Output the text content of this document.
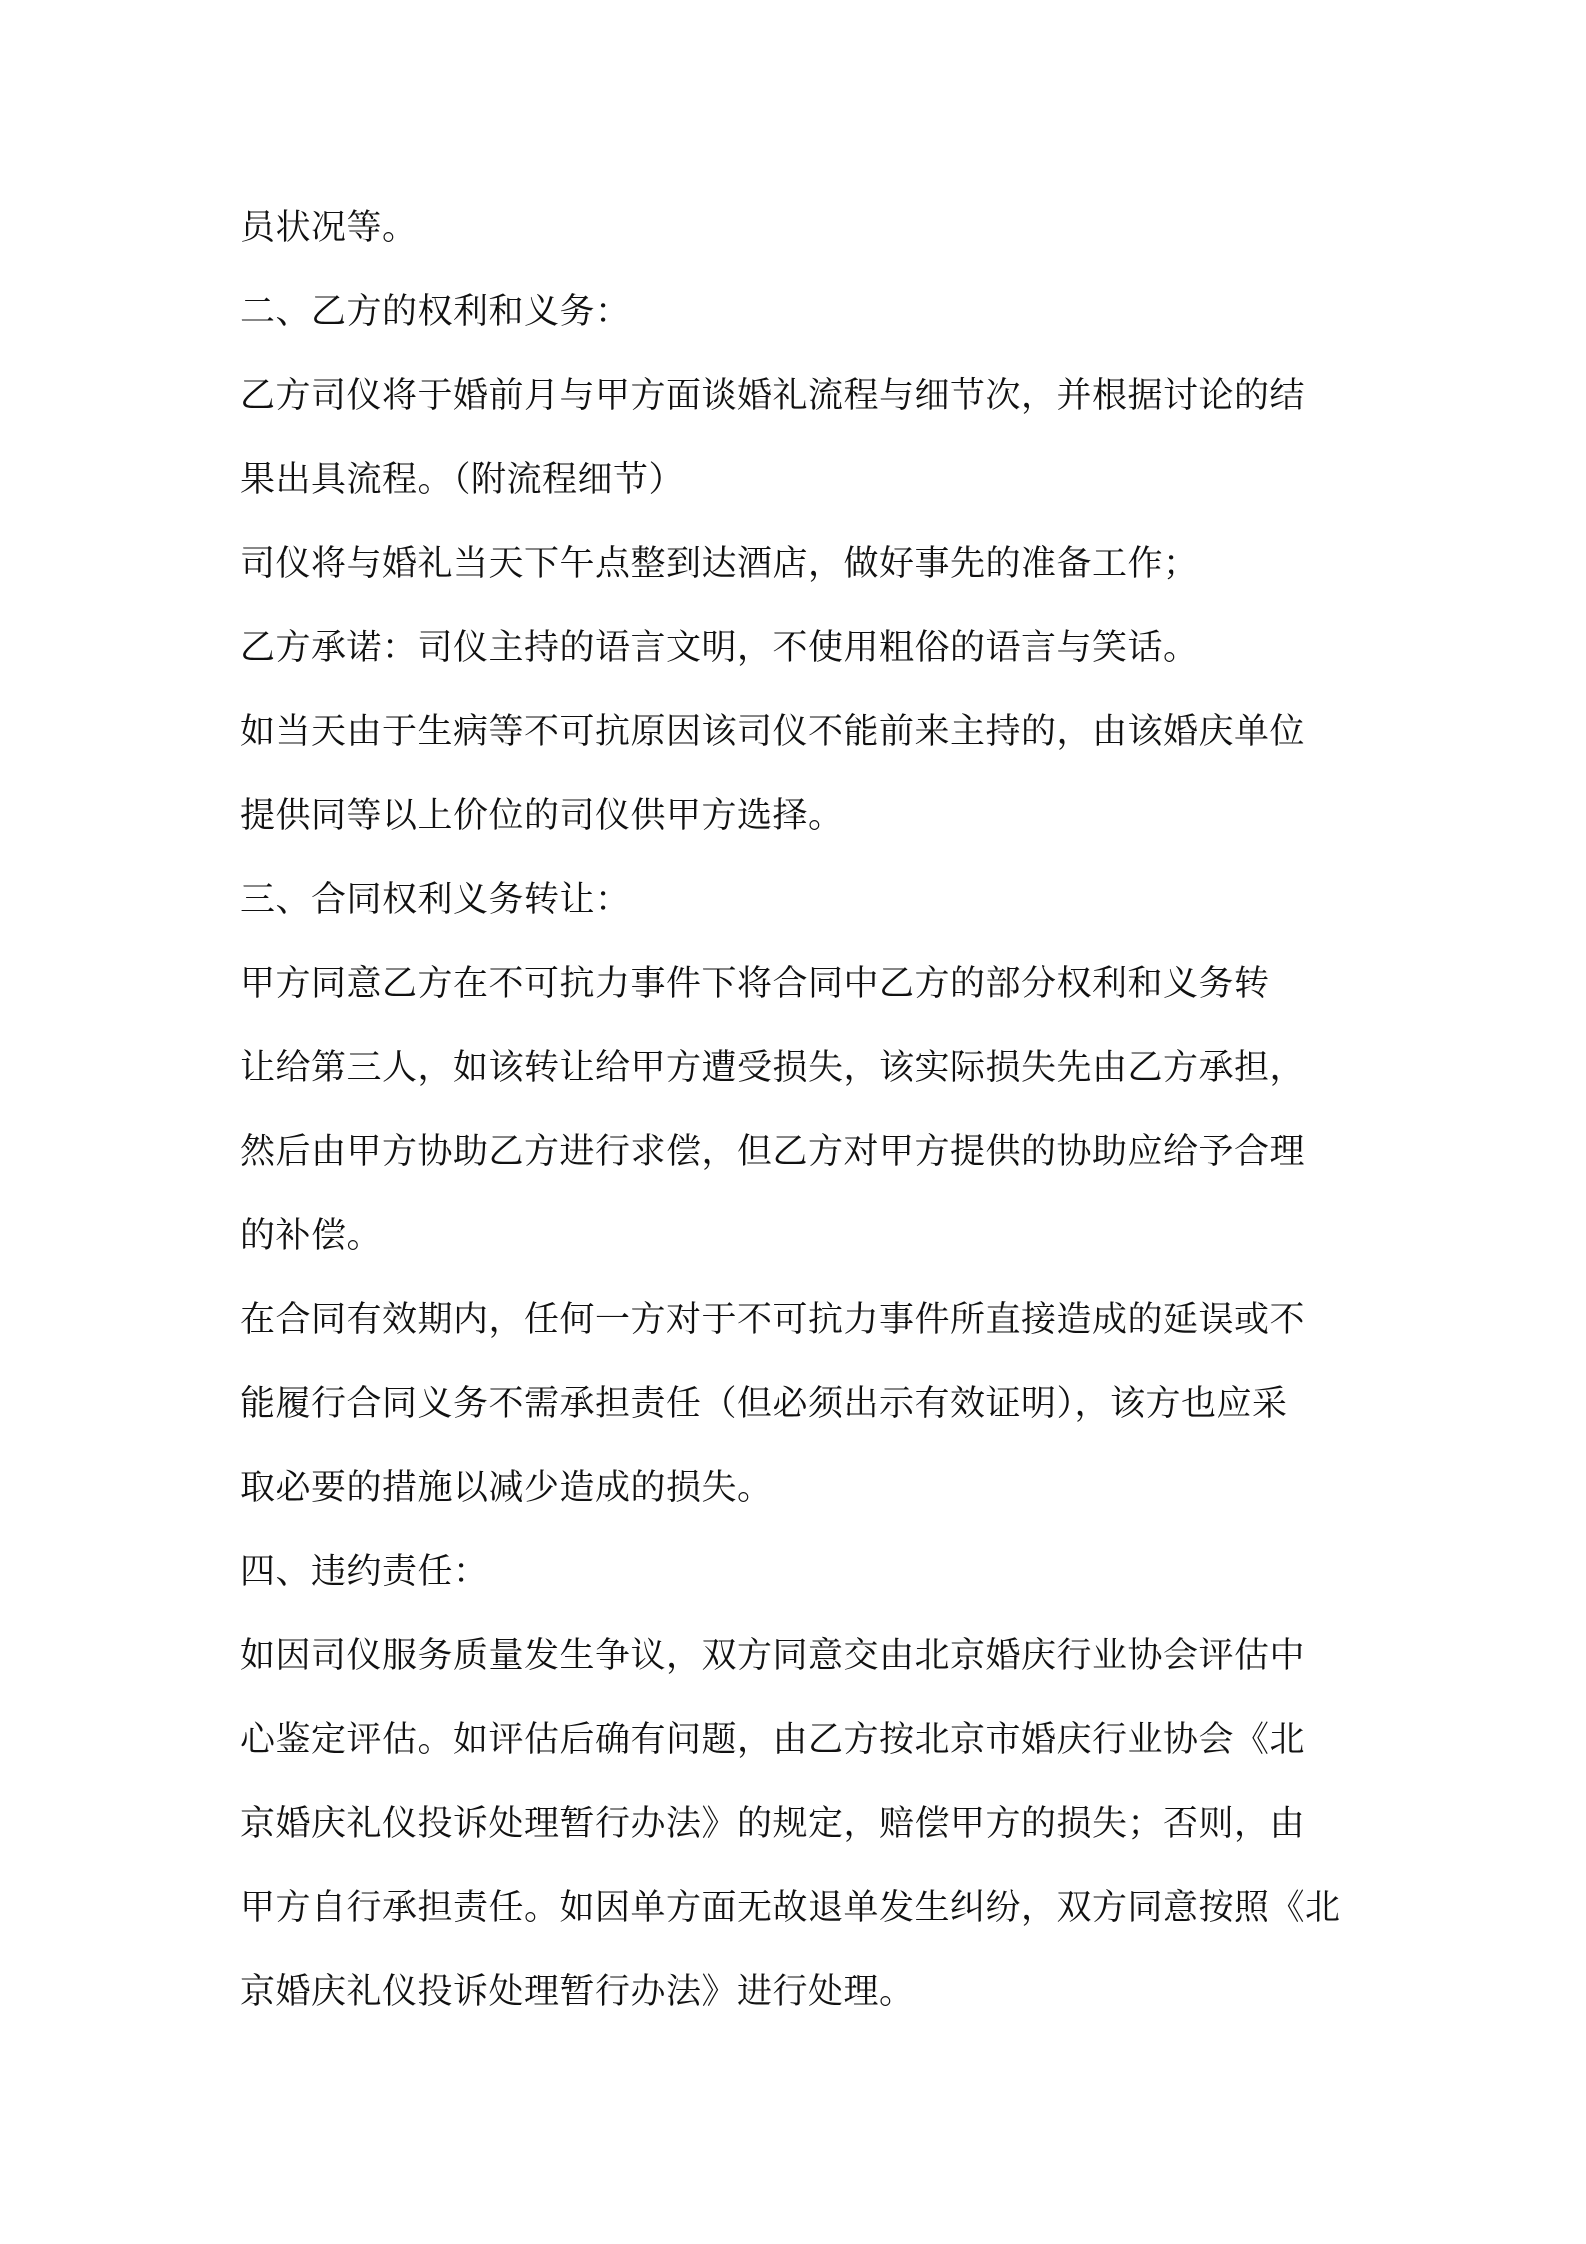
员状况等。

二、乙方的权利和义务：

乙方司仪将于婚前月与甲方面谈婚礼流程与细节次，并根据讨论的结

果出具流程。（附流程细节）

司仪将与婚礼当天下午点整到达酒店，做好事先的准备工作；

乙方承诺：司仪主持的语言文明，不使用粗俗的语言与笑话。

如当天由于生病等不可抗原因该司仪不能前来主持的，由该婚庆单位

提供同等以上价位的司仪供甲方选择。

三、合同权利义务转让：

甲方同意乙方在不可抗力事件下将合同中乙方的部分权利和义务转

让给第三人，如该转让给甲方遭受损失，该实际损失先由乙方承担，

然后由甲方协助乙方进行求偿，但乙方对甲方提供的协助应给予合理

的补偿。

在合同有效期内，任何一方对于不可抗力事件所直接造成的延误或不

能履行合同义务不需承担责任（但必须出示有效证明），该方也应采

取必要的措施以减少造成的损失。

四、违约责任：

如因司仪服务质量发生争议，双方同意交由北京婚庆行业协会评估中

心鉴定评估。如评估后确有问题，由乙方按北京市婚庆行业协会《北

京婚庆礼仪投诉处理暂行办法》的规定，赔偿甲方的损失；否则，由

甲方自行承担责任。如因单方面无故退单发生纠纷，双方同意按照《北

京婚庆礼仪投诉处理暂行办法》进行处理。
